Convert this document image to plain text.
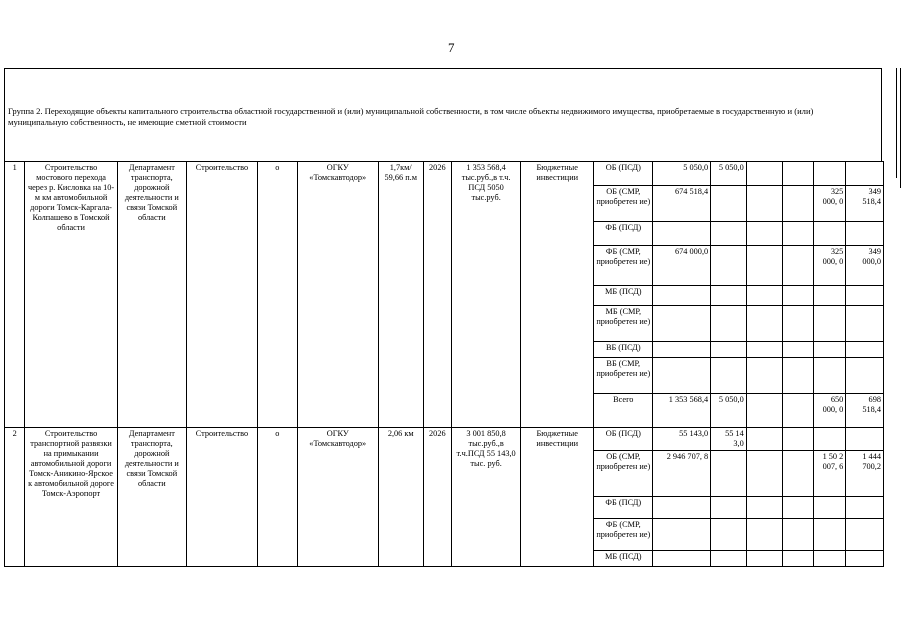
7
Группа 2. Переходящие объекты капитального строительства областной государственной и (или) муниципальной собственности, в том числе объекты недвижимого имущества, приобретаемые в государственную и (или) муниципальную собственность, не имеющие сметной стоимости
1	Строительство мостового перехода через р. Кисловка на 10-м км автомобильной дороги Томск-Каргала-Колпашево в Томской области	Департамент транспорта, дорожной деятельности и связи Томской области	Строительство	о	ОГКУ «Томскавтодор»	1,7км/ 59,66 п.м	2026	1 353 568,4 тыс.руб.,в т.ч. ПСД 5050 тыс.руб.	Бюджетные инвестиции	ОБ (ПСД)	5 050,0	5 050,0				
										ОБ (СМР, приобретен ие)	674 518,4				325 000, 0	349 518,4
										ФБ (ПСД)						
										ФБ (СМР, приобретен ие)	674 000,0				325 000, 0	349 000,0
										МБ (ПСД)						
										МБ (СМР, приобретен ие)						
										ВБ (ПСД)						
										ВБ (СМР, приобретен ие)						
										Всего	1 353 568,4	5 050,0			650 000, 0	698 518,4
2	Строительство транспортной развязки на примыкании автомобильной дороги Томск-Аникино-Ярское к автомобильной дороге Томск-Аэропорт	Департамент транспорта, дорожной деятельности и связи Томской области	Строительство	о	ОГКУ «Томскавтодор»	2,06 км	2026	3 001 850,8 тыс.руб.,в т.ч.ПСД 55 143,0 тыс. руб.	Бюджетные инвестиции	ОБ (ПСД)	55 143,0	55 14 3,0				
										ОБ (СМР, приобретен ие)	2 946 707, 8				1 50 2 007, 6	1 444 700,2
										ФБ (ПСД)						
										ФБ (СМР, приобретен ие)						
										МБ (ПСД)						
